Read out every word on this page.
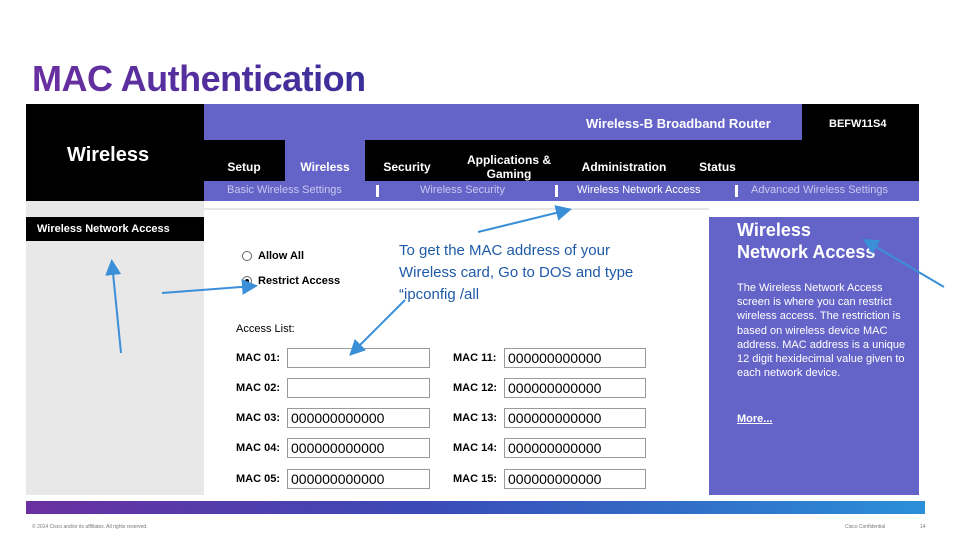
MAC Authentication
Wireless
Wireless-B Broadband Router	BEFW11S4
Setup	Wireless	Security	Applications &
Gaming	Administration	Status
Basic Wireless Settings	Wireless Security	Wireless Network Access	Advanced Wireless Settings
Wireless Network Access
Allow All
Restrict Access
Access List:
MAC 01:
MAC 02:
MAC 03: 000000000000
MAC 04: 000000000000
MAC 05: 000000000000
MAC 11: 000000000000
MAC 12: 000000000000
MAC 13: 000000000000
MAC 14: 000000000000
MAC 15: 000000000000
Wireless
Network Access
The Wireless Network Access screen is where you can restrict wireless access. The restriction is based on wireless device MAC address. MAC address is a unique 12 digit hexidecimal value given to each network device.
More...
To get the MAC address of your
Wireless card, Go to DOS and type
“ipconfig /all
© 2014 Cisco and/or its affiliates. All rights reserved.	Cisco Confidential	14
